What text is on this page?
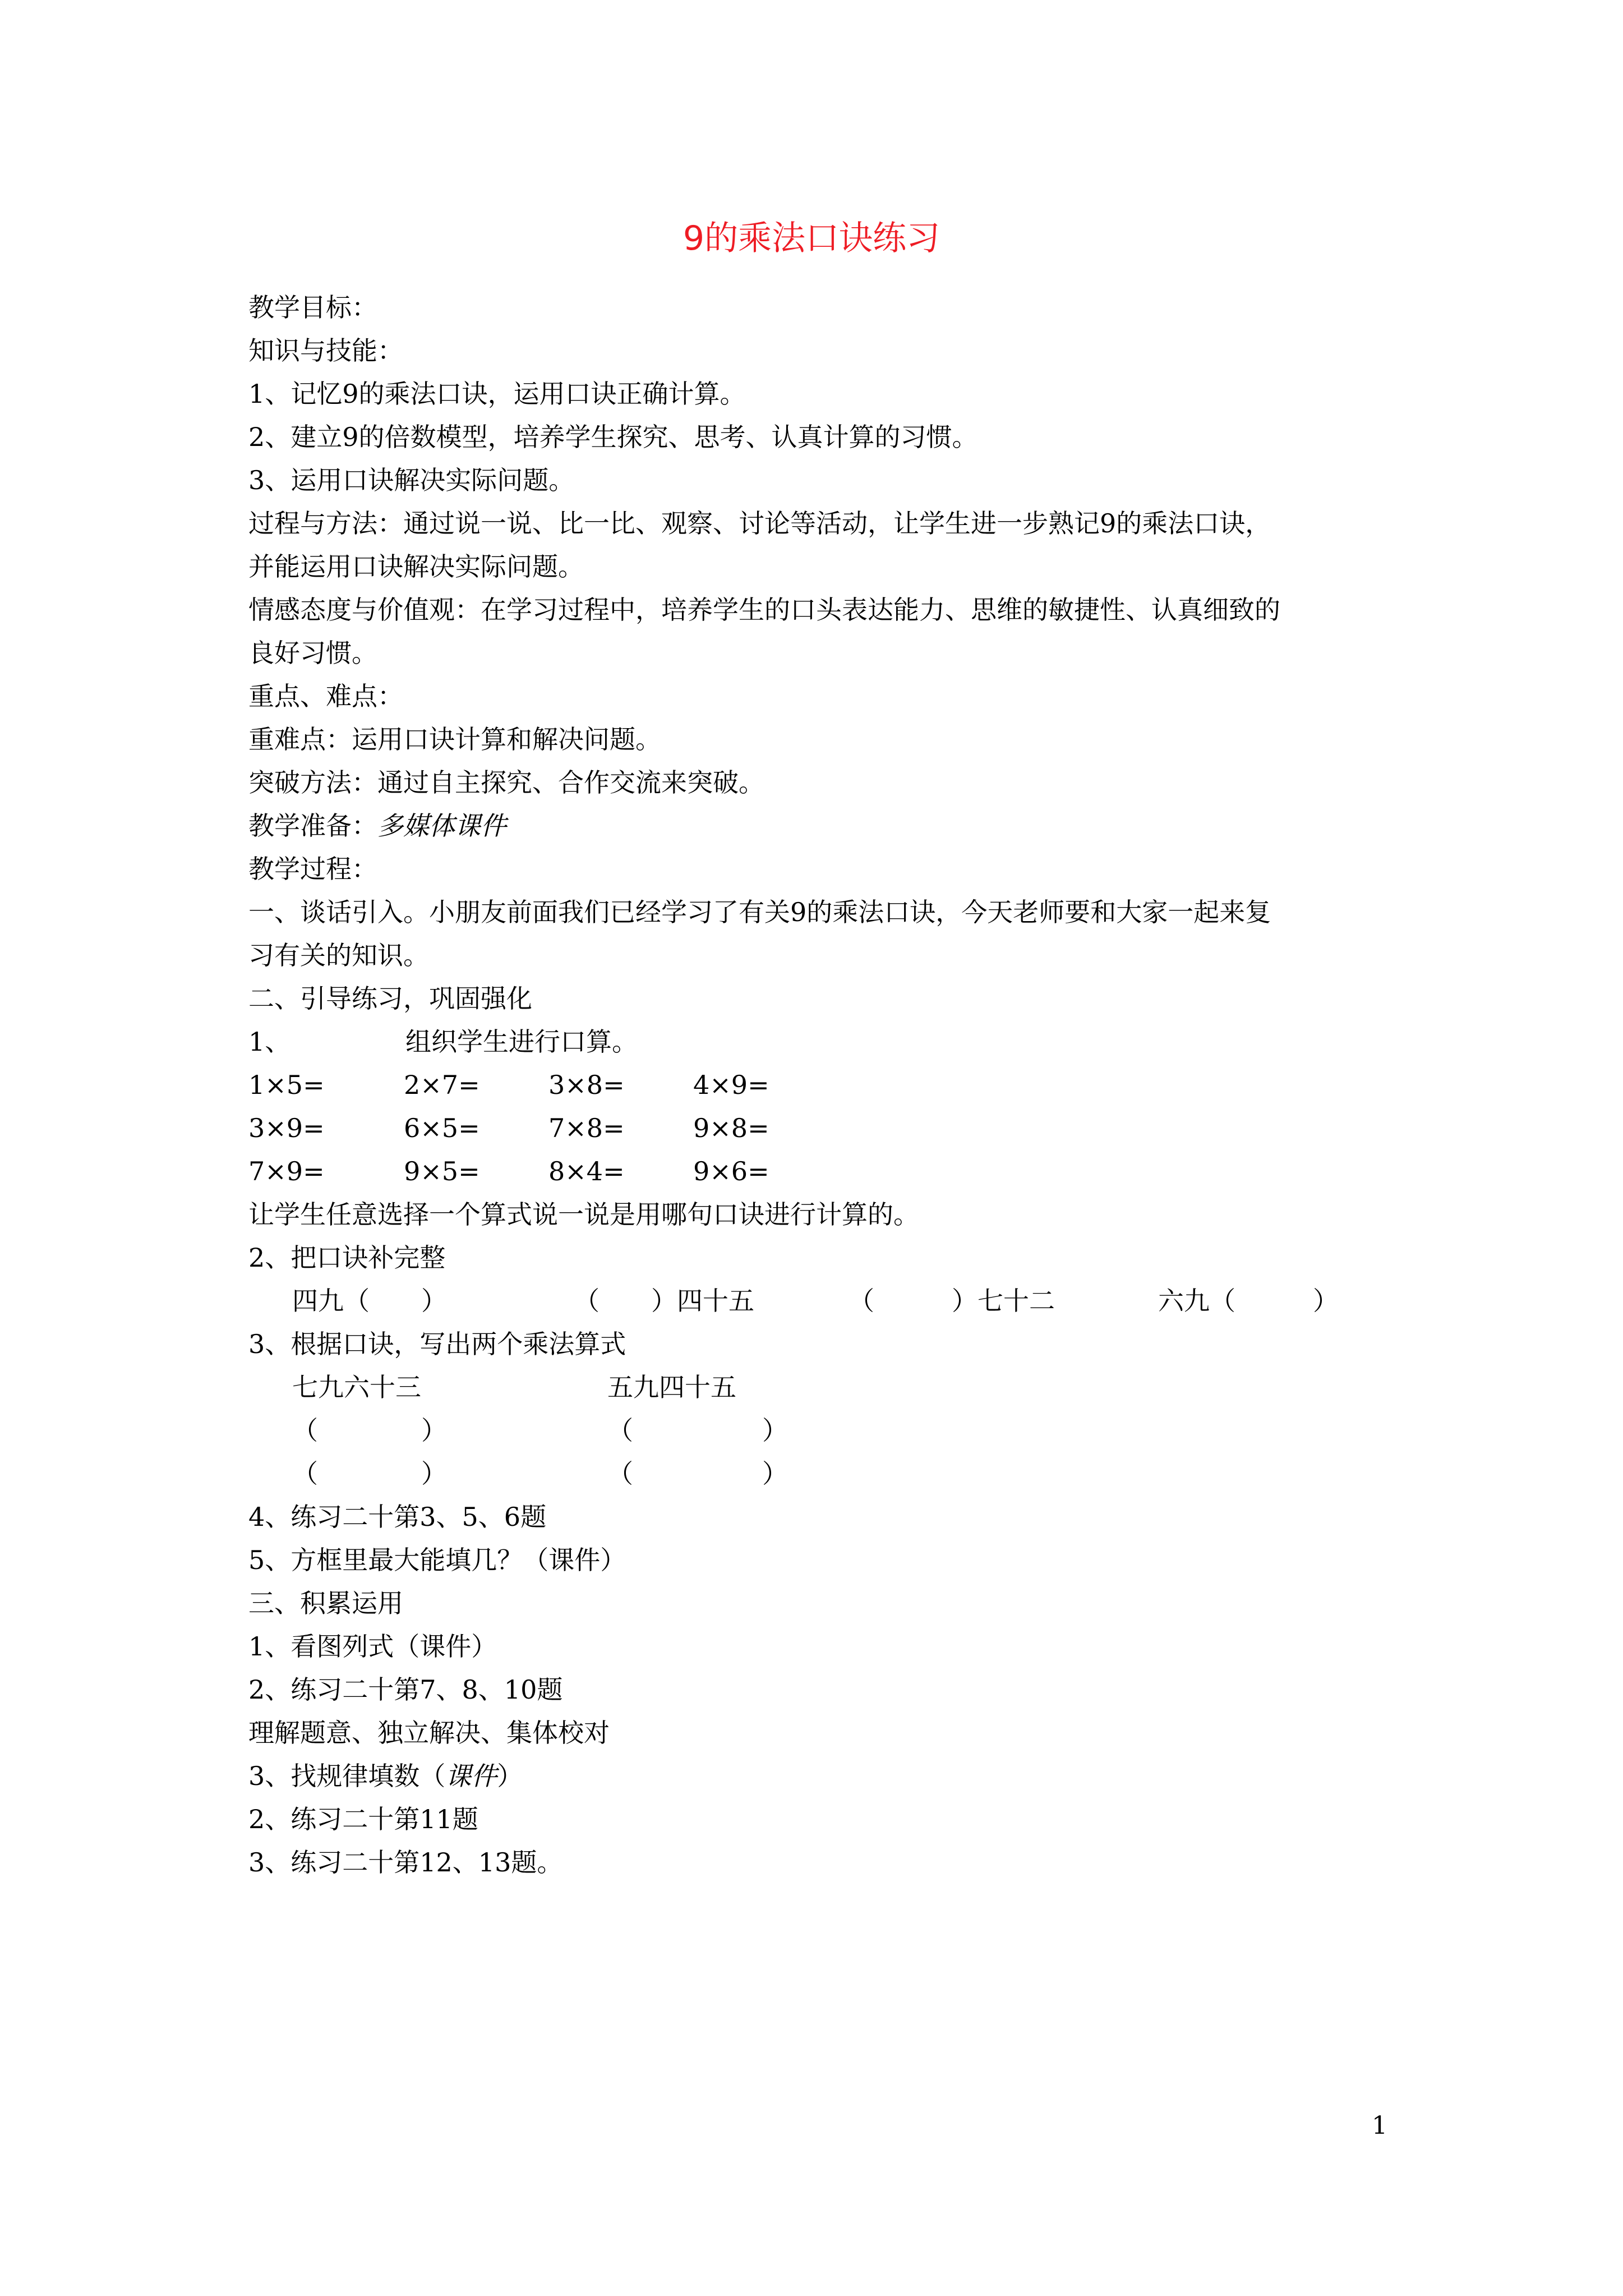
9的乘法口诀练习
教学目标：
知识与技能：
1、记忆9的乘法口诀，运用口诀正确计算。
2、建立9的倍数模型，培养学生探究、思考、认真计算的习惯。
3、运用口诀解决实际问题。
过程与方法：通过说一说、比一比、观察、讨论等活动，让学生进一步熟记9的乘法口诀，
并能运用口诀解决实际问题。
情感态度与价值观：在学习过程中，培养学生的口头表达能力、思维的敏捷性、认真细致的
良好习惯。
重点、难点：
重难点：运用口诀计算和解决问题。
突破方法：通过自主探究、合作交流来突破。
教学准备：多媒体课件
教学过程：
一、谈话引入。小朋友前面我们已经学习了有关9的乘法口诀，今天老师要和大家一起来复
习有关的知识。
二、引导练习，巩固强化
1、	组织学生进行口算。
1×5=	2×7=	3×8=	4×9=
3×9=	6×5=	7×8=	9×8=
7×9=	9×5=	8×4=	9×6=
让学生任意选择一个算式说一说是用哪句口诀进行计算的。
2、把口诀补完整
四九（　　）	（　　）四十五	（　　　）七十二	六九（　　　）
3、根据口诀，写出两个乘法算式
七九六十三	五九四十五
（　　　　）	（　　　　　）
（　　　　）	（　　　　　）
4、练习二十第3、5、6题
5、方框里最大能填几？（课件）
三、积累运用
1、看图列式（课件）
2、练习二十第7、8、10题
理解题意、独立解决、集体校对
3、找规律填数（课件）
2、练习二十第11题
3、练习二十第12、13题。
1
